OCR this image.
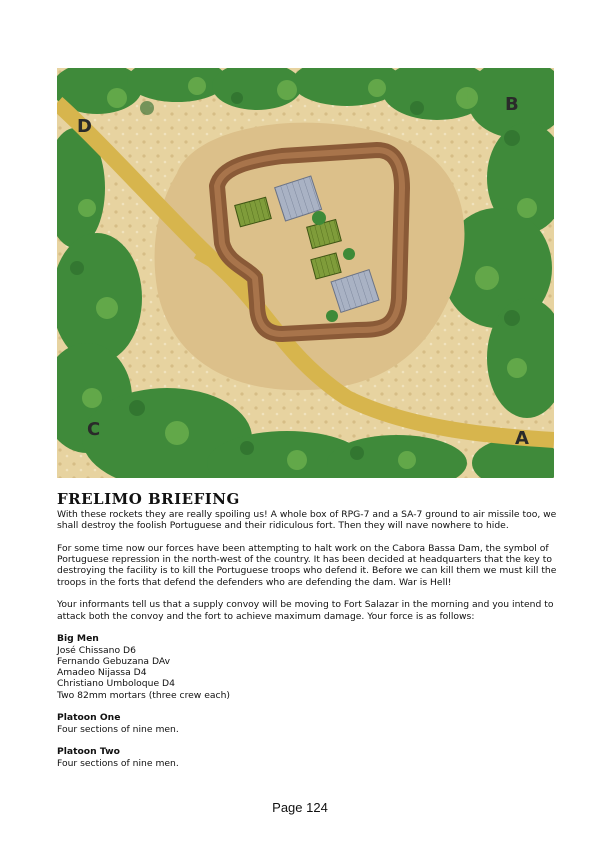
B
D
C	A
FRELIMO BRIEFING

With these rockets they are really spoiling us! A whole box of RPG-7 and a SA-7 ground to air missile too, we shall destroy the foolish Portuguese and their ridiculous fort. Then they will nave nowhere to hide.

For some time now our forces have been attempting to halt work on the Cabora Bassa Dam, the symbol of Portuguese repression in the north-west of the country. It has been decided at headquarters that the key to destroying the facility is to kill the Portuguese troops who defend it. Before we can kill them we must kill the troops in the forts that defend the defenders who are defending the dam. War is Hell!

Your informants tell us that a supply convoy will be moving to Fort Salazar in the morning and you intend to attack both the convoy and the fort to achieve maximum damage. Your force is as follows:

Big Men
José Chissano D6
Fernando Gebuzana DAv
Amadeo Nijassa D4
Christiano Umboloque D4
Two 82mm mortars (three crew each)
Platoon One
Four sections of nine men.
Platoon Two
Four sections of nine men.
Page 124
